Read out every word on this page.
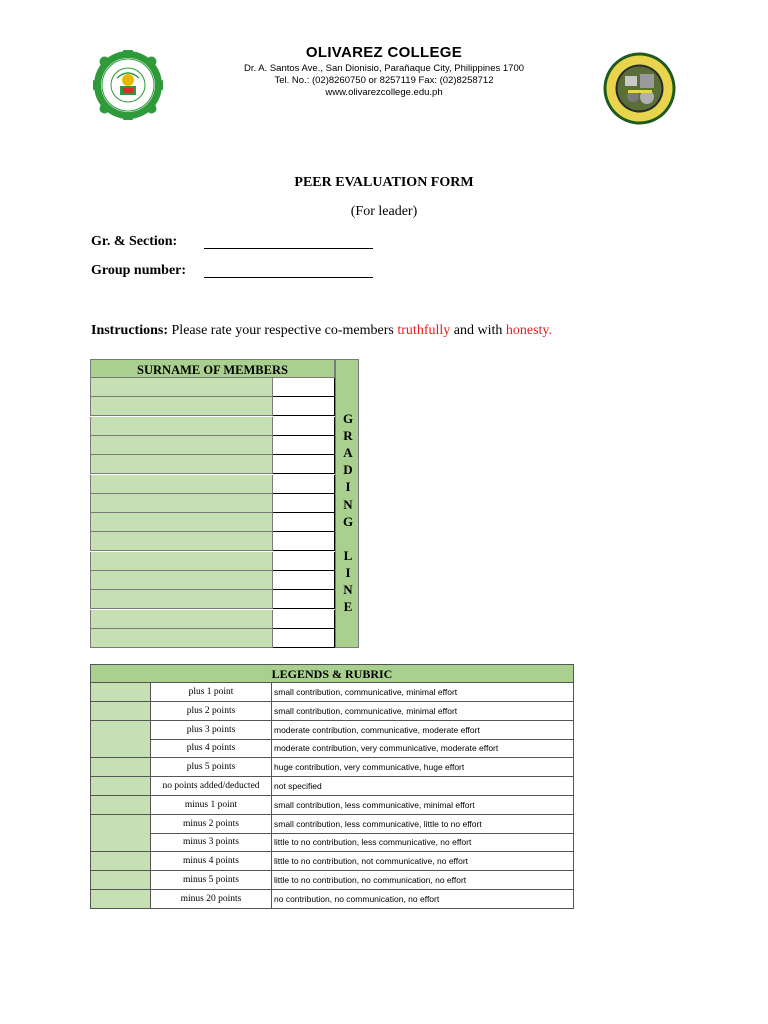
OLIVAREZ COLLEGE
Dr. A. Santos Ave., San Dionisio, Parañaque City, Philippines 1700
Tel. No.: (02)8260750 or 8257119 Fax: (02)8258712
www.olivarezcollege.edu.ph
PEER EVALUATION FORM
(For leader)
Gr. & Section:
Group number:
Instructions: Please rate your respective co-members truthfully and with honesty.
SURNAME OF MEMBERS
G
R
A
D
I
N
G
L
I
N
E
LEGENDS & RUBRIC
plus 1 point	small contribution, communicative, minimal effort
plus 2 points	small contribution, communicative, minimal effort
plus 3 points	moderate contribution, communicative, moderate effort
plus 4 points	moderate contribution, very communicative, moderate effort
plus 5 points	huge contribution, very communicative, huge effort
no points added/deducted	not specified
minus 1 point	small contribution, less communicative, minimal effort
minus 2 points	small contribution, less communicative, little to no effort
minus 3 points	little to no contribution, less communicative, no effort
minus 4 points	little to no contribution, not communicative, no effort
minus 5 points	little to no contribution, no communication, no effort
minus 20 points	no contribution, no communication, no effort
